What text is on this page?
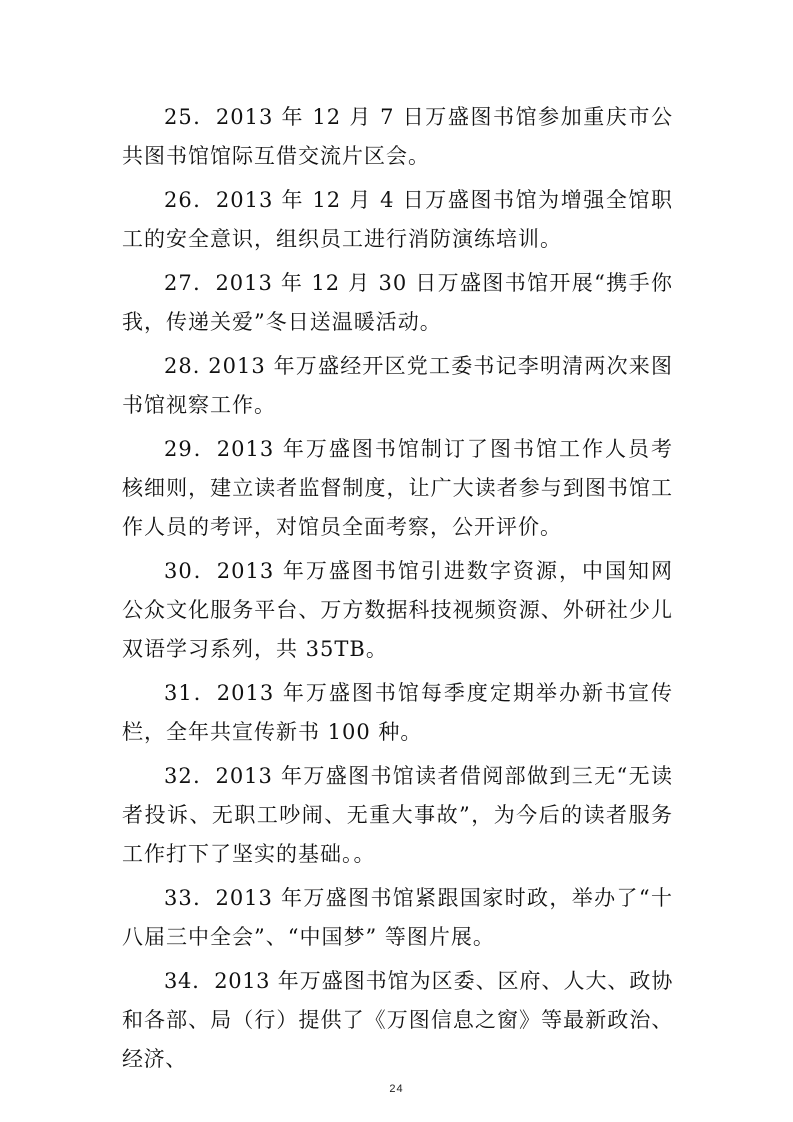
25．2013 年 12 月 7 日万盛图书馆参加重庆市公共图书馆馆际互借交流片区会。

26．2013 年 12 月 4 日万盛图书馆为增强全馆职工的安全意识，组织员工进行消防演练培训。

27．2013 年 12 月 30 日万盛图书馆开展“携手你我，传递关爱”冬日送温暖活动。

28. 2013 年万盛经开区党工委书记李明清两次来图书馆视察工作。

29．2013 年万盛图书馆制订了图书馆工作人员考核细则，建立读者监督制度，让广大读者参与到图书馆工作人员的考评，对馆员全面考察，公开评价。

30．2013 年万盛图书馆引进数字资源，中国知网公众文化服务平台、万方数据科技视频资源、外研社少儿双语学习系列，共 35TB。

31．2013 年万盛图书馆每季度定期举办新书宣传栏，全年共宣传新书 100 种。

32．2013 年万盛图书馆读者借阅部做到三无“无读者投诉、无职工吵闹、无重大事故”，为今后的读者服务工作打下了坚实的基础。。

33．2013 年万盛图书馆紧跟国家时政，举办了“十八届三中全会”、“中国梦” 等图片展。

34．2013 年万盛图书馆为区委、区府、人大、政协和各部、局（行）提供了《万图信息之窗》等最新政治、经济、

24
